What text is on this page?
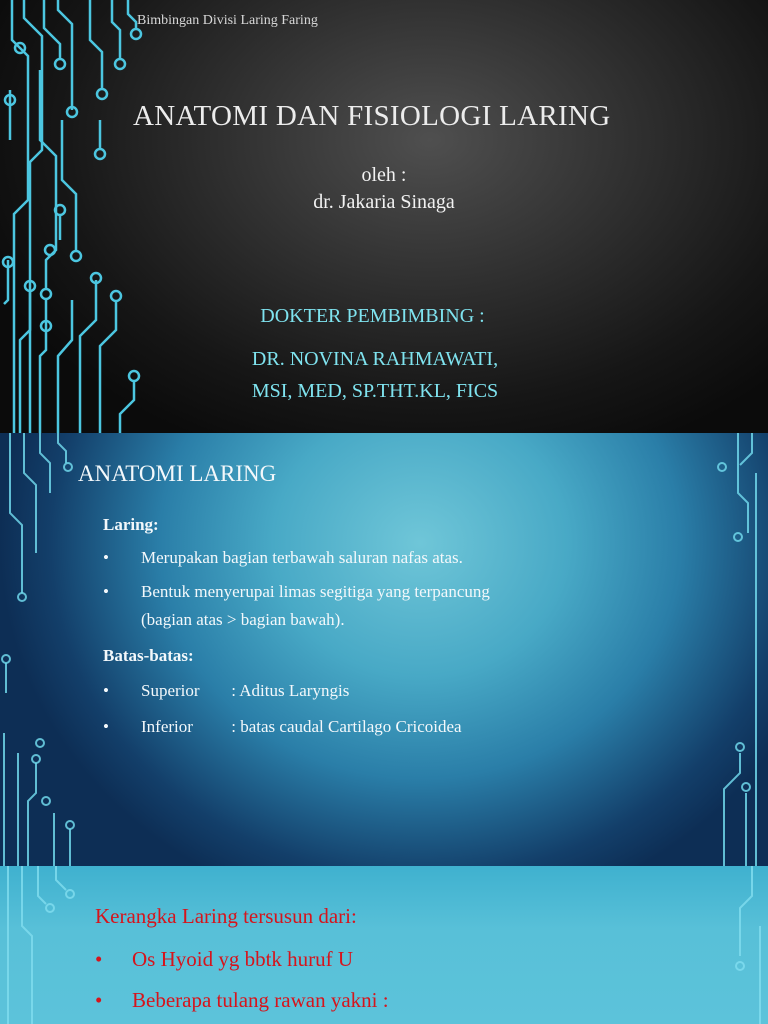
Bimbingan Divisi Laring Faring
ANATOMI DAN FISIOLOGI LARING
oleh :
dr. Jakaria Sinaga
DOKTER PEMBIMBING :
DR. NOVINA RAHMAWATI, MSI, MED, SP.THT.KL, FICS
ANATOMI LARING
Laring:
• Merupakan bagian terbawah saluran nafas atas.
• Bentuk menyerupai limas segitiga yang terpancung
(bagian atas > bagian bawah).
Batas-batas:
• Superior : Aditus Laryngis
• Inferior : batas caudal Cartilago Cricoidea
Kerangka Laring tersusun dari:
• Os Hyoid yg bbtk huruf U
• Beberapa tulang rawan yakni :
